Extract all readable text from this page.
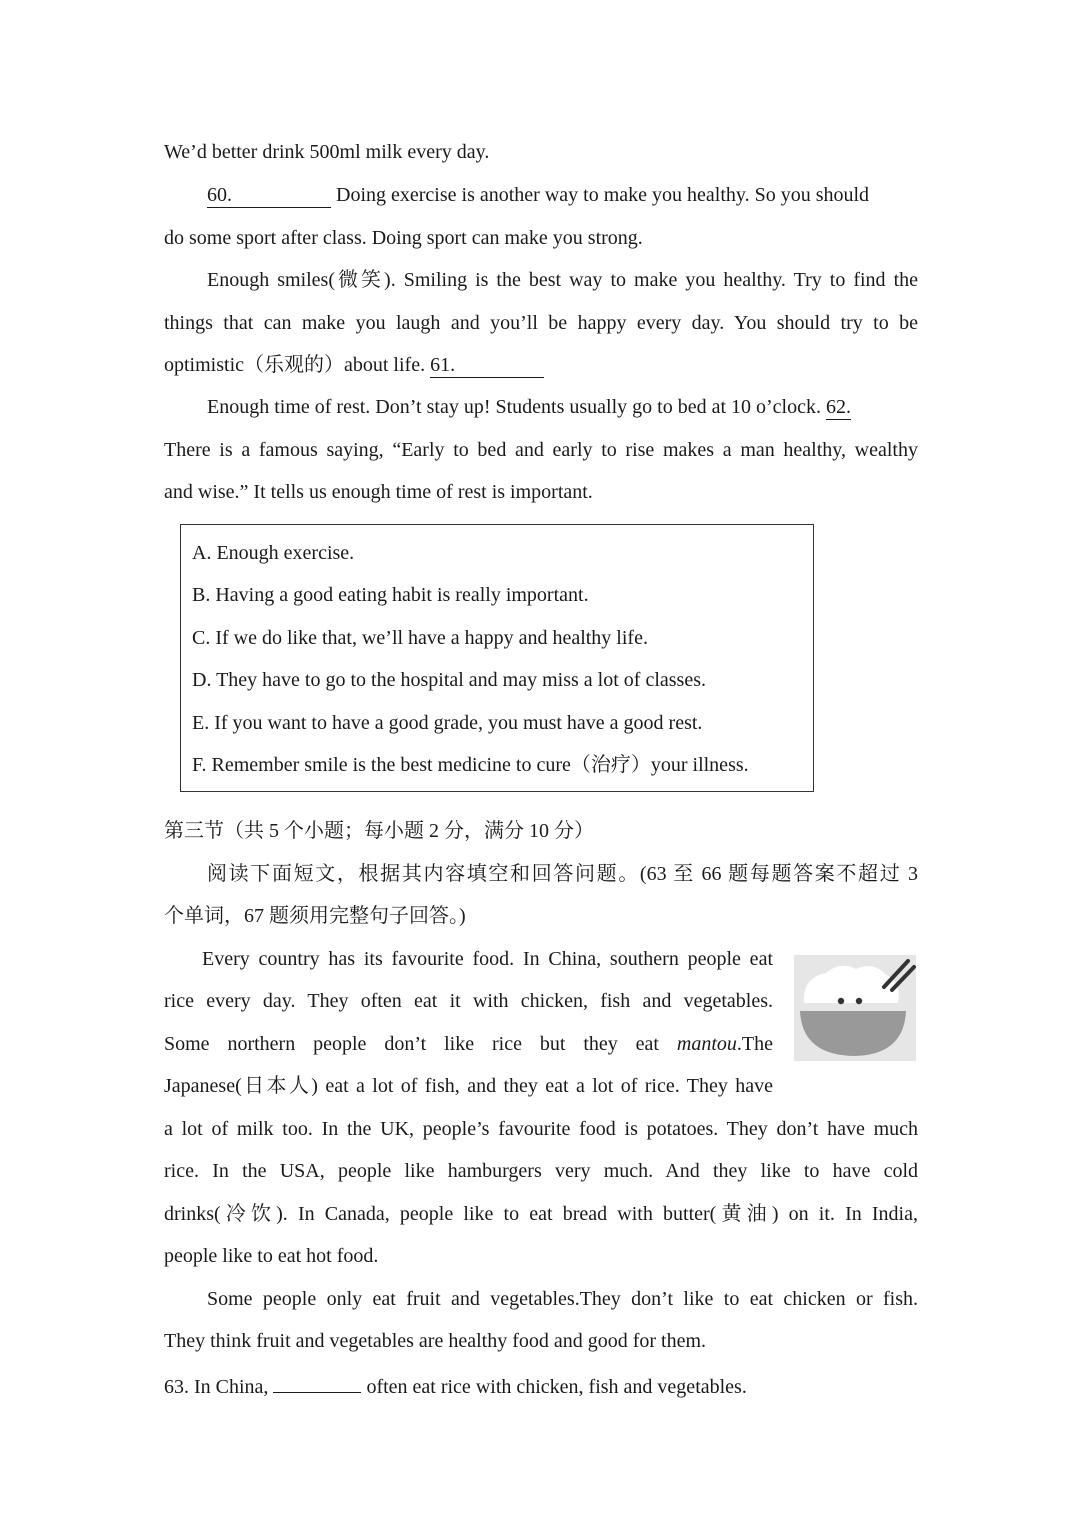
We’d better drink 500ml milk every day.
60.	Doing exercise is another way to make you healthy. So you should
do some sport after class. Doing sport can make you strong.
Enough smiles(微笑). Smiling is the best way to make you healthy. Try to find the
things that can make you laugh and you’ll be happy every day. You should try to be
optimistic（乐观的）about life. 61.
Enough time of rest. Don’t stay up! Students usually go to bed at 10 o’clock. 62.
There is a famous saying, “Early to bed and early to rise makes a man healthy, wealthy
and wise.” It tells us enough time of rest is important.
A. Enough exercise.
B. Having a good eating habit is really important.
C. If we do like that, we’ll have a happy and healthy life.
D. They have to go to the hospital and may miss a lot of classes.
E. If you want to have a good grade, you must have a good rest.
F. Remember smile is the best medicine to cure（治疗）your illness.
第三节（共 5 个小题；每小题 2 分，满分 10 分）
阅读下面短文，根据其内容填空和回答问题。(63 至 66 题每题答案不超过 3
个单词，67 题须用完整句子回答。)
Every country has its favourite food. In China, southern people eat
rice every day. They often eat it with chicken, fish and vegetables.
Some northern people don’t like rice but they eat mantou.The
Japanese(日本人) eat a lot of fish, and they eat a lot of rice. They have
a lot of milk too. In the UK, people’s favourite food is potatoes. They don’t have much
rice. In the USA, people like hamburgers very much. And they like to have cold
drinks(冷饮). In Canada, people like to eat bread with butter(黄油) on it. In India,
people like to eat hot food.
Some people only eat fruit and vegetables.They don’t like to eat chicken or fish.
They think fruit and vegetables are healthy food and good for them.
63. In China,	often eat rice with chicken, fish and vegetables.
